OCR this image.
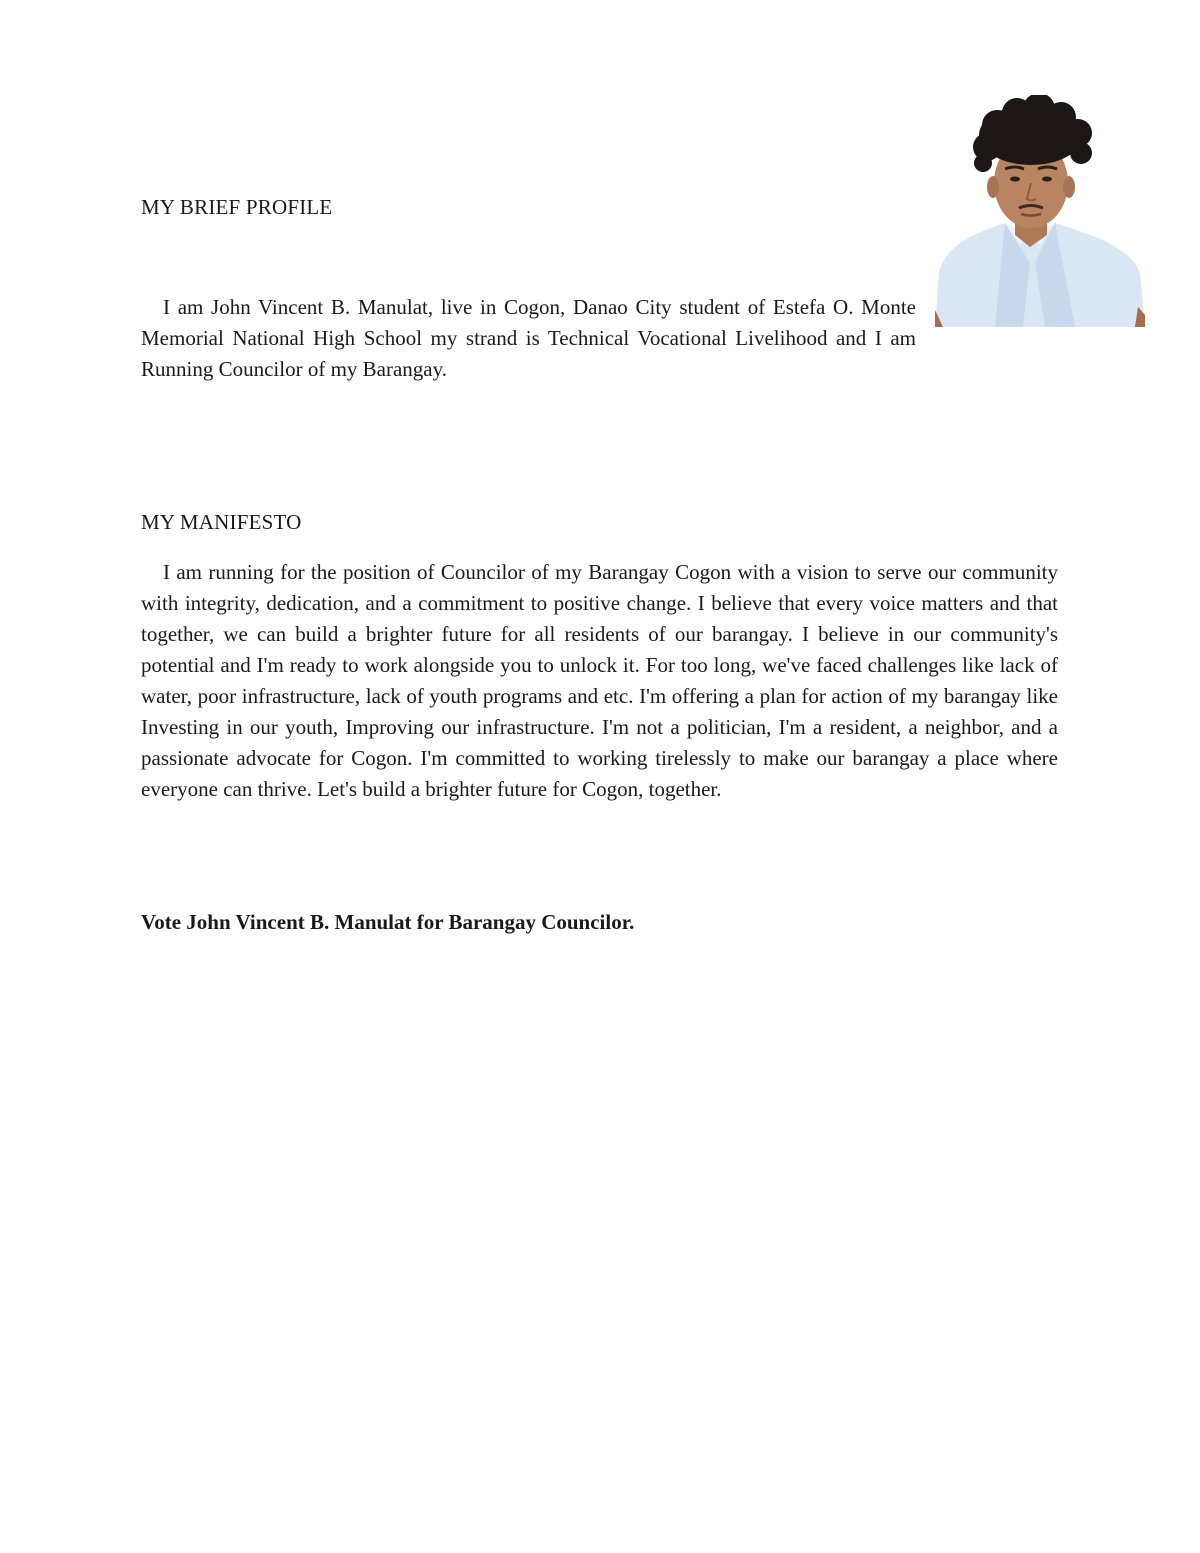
MY BRIEF PROFILE

I am John Vincent B. Manulat, live in Cogon, Danao City student of Estefa O. Monte Memorial National High School my strand is Technical Vocational Livelihood and I am Running Councilor of my Barangay.

MY MANIFESTO

I am running for the position of Councilor of my Barangay Cogon with a vision to serve our community with integrity, dedication, and a commitment to positive change. I believe that every voice matters and that together, we can build a brighter future for all residents of our barangay. I believe in our community's potential and I'm ready to work alongside you to unlock it. For too long, we've faced challenges like lack of water, poor infrastructure, lack of youth programs and etc. I'm offering a plan for action of my barangay like Investing in our youth, Improving our infrastructure. I'm not a politician, I'm a resident, a neighbor, and a passionate advocate for Cogon. I'm committed to working tirelessly to make our barangay a place where everyone can thrive. Let's build a brighter future for Cogon, together.

Vote John Vincent B. Manulat for Barangay Councilor.
